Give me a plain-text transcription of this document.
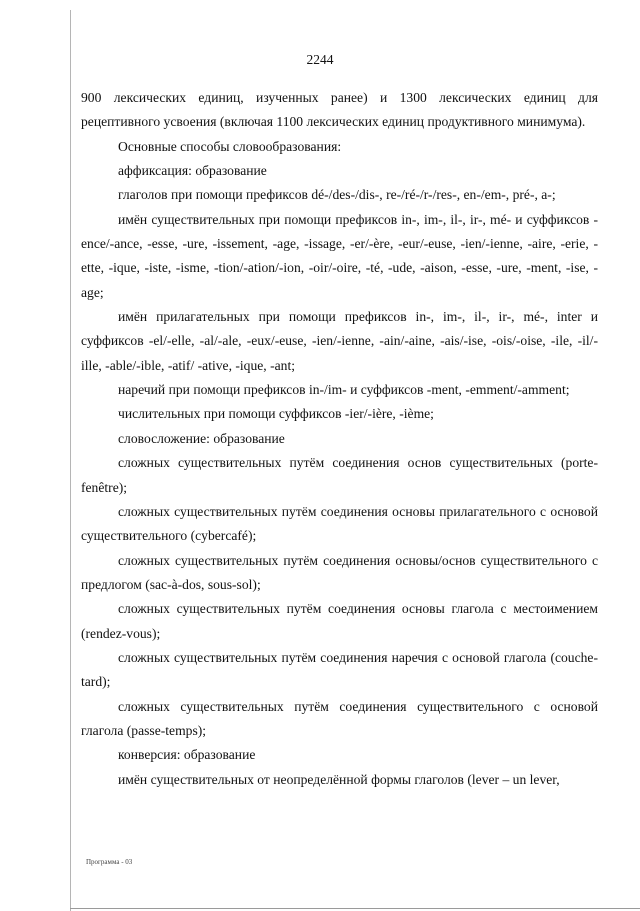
2244

900 лексических единиц, изученных ранее) и 1300 лексических единиц для рецептивного усвоения (включая 1100 лексических единиц продуктивного минимума).

Основные способы словообразования:

аффиксация: образование

глаголов при помощи префиксов dé-/des-/dis-, re-/ré-/r-/res-, en-/em-, pré-, a-;

имён существительных при помощи префиксов in-, im-, il-, ir-, mé- и суффиксов -ence/-ance, -esse, -ure, -issement, -age, -issage, -er/-ère, -eur/-euse, -ien/-ienne, -aire, -erie, -ette, -ique, -iste, -isme, -tion/-ation/-ion, -oir/-oire, -té, -ude, -aison, -esse, -ure, -ment, -ise, -age;

имён прилагательных при помощи префиксов in-, im-, il-, ir-, mé-, inter и суффиксов -el/-elle, -al/-ale, -eux/-euse, -ien/-ienne, -ain/-aine, -ais/-ise, -ois/-oise, -ile, -il/-ille, -able/-ible, -atif/ -ative, -ique, -ant;

наречий при помощи префиксов in-/im- и суффиксов -ment, -emment/-amment;

числительных при помощи суффиксов -ier/-ière, -ième;

словосложение: образование

сложных существительных путём соединения основ существительных (porte-fenêtre);

сложных существительных путём соединения основы прилагательного с основой существительного (cybercafé);

сложных существительных путём соединения основы/основ существительного с предлогом (sac-à-dos, sous-sol);

сложных существительных путём соединения основы глагола с местоимением (rendez-vous);

сложных существительных путём соединения наречия с основой глагола (couche-tard);

сложных существительных путём соединения существительного с основой глагола (passe-temps);

конверсия: образование

имён существительных от неопределённой формы глаголов (lever – un lever,

Программа - 03
